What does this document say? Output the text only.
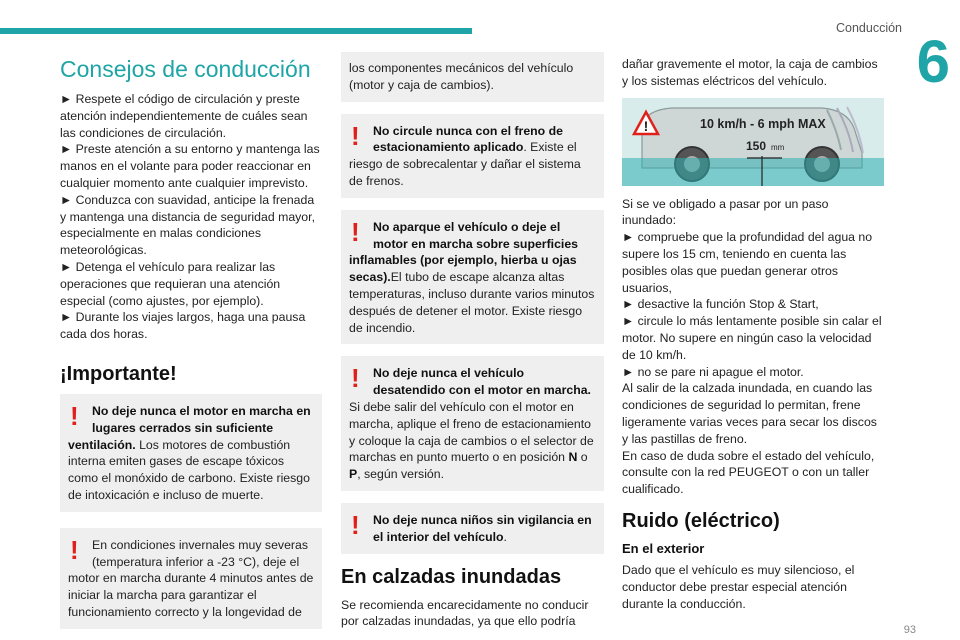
Conducción 6
Consejos de conducción

► Respete el código de circulación y preste atención independientemente de cuáles sean las condiciones de circulación.

► Preste atención a su entorno y mantenga las manos en el volante para poder reaccionar en cualquier momento ante cualquier imprevisto.

► Conduzca con suavidad, anticipe la frenada y mantenga una distancia de seguridad mayor, especialmente en malas condiciones meteorológicas.

► Detenga el vehículo para realizar las operaciones que requieran una atención especial (como ajustes, por ejemplo).

► Durante los viajes largos, haga una pausa cada dos horas.

¡Importante!
!	No deje nunca el motor en marcha en lugares cerrados sin suficiente ventilación. Los motores de combustión interna emiten gases de escape tóxicos como el monóxido de carbono. Existe riesgo de intoxicación e incluso de muerte.
!	En condiciones invernales muy severas (temperatura inferior a -23 °C), deje el motor en marcha durante 4 minutos antes de iniciar la marcha para garantizar el funcionamiento correcto y la longevidad de
los componentes mecánicos del vehículo (motor y caja de cambios).
!	No circule nunca con el freno de estacionamiento aplicado. Existe el riesgo de sobrecalentar y dañar el sistema de frenos.
!	No aparque el vehículo o deje el motor en marcha sobre superficies inflamables (por ejemplo, hierba u ojas secas).El tubo de escape alcanza altas temperaturas, incluso durante varios minutos después de detener el motor. Existe riesgo de incendio.
!	No deje nunca el vehículo desatendido con el motor en marcha. Si debe salir del vehículo con el motor en marcha, aplique el freno de estacionamiento y coloque la caja de cambios o el selector de marchas en punto muerto o en posición N o P, según versión.
!	No deje nunca niños sin vigilancia en el interior del vehículo.
En calzadas inundadas

Se recomienda encarecidamente no conducir por calzadas inundadas, ya que ello podría

dañar gravemente el motor, la caja de cambios y los sistemas eléctricos del vehículo.

!	10 km/h - 6 mph MAX
150 mm

Si se ve obligado a pasar por un paso inundado:

► compruebe que la profundidad del agua no supere los 15 cm, teniendo en cuenta las posibles olas que puedan generar otros usuarios,

► desactive la función Stop & Start,

► circule lo más lentamente posible sin calar el motor. No supere en ningún caso la velocidad de 10 km/h.

► no se pare ni apague el motor.

Al salir de la calzada inundada, en cuando las condiciones de seguridad lo permitan, frene ligeramente varias veces para secar los discos y las pastillas de freno.

En caso de duda sobre el estado del vehículo, consulte con la red PEUGEOT o con un taller cualificado.

Ruido (eléctrico)
En el exterior

Dado que el vehículo es muy silencioso, el conductor debe prestar especial atención durante la conducción.

93
